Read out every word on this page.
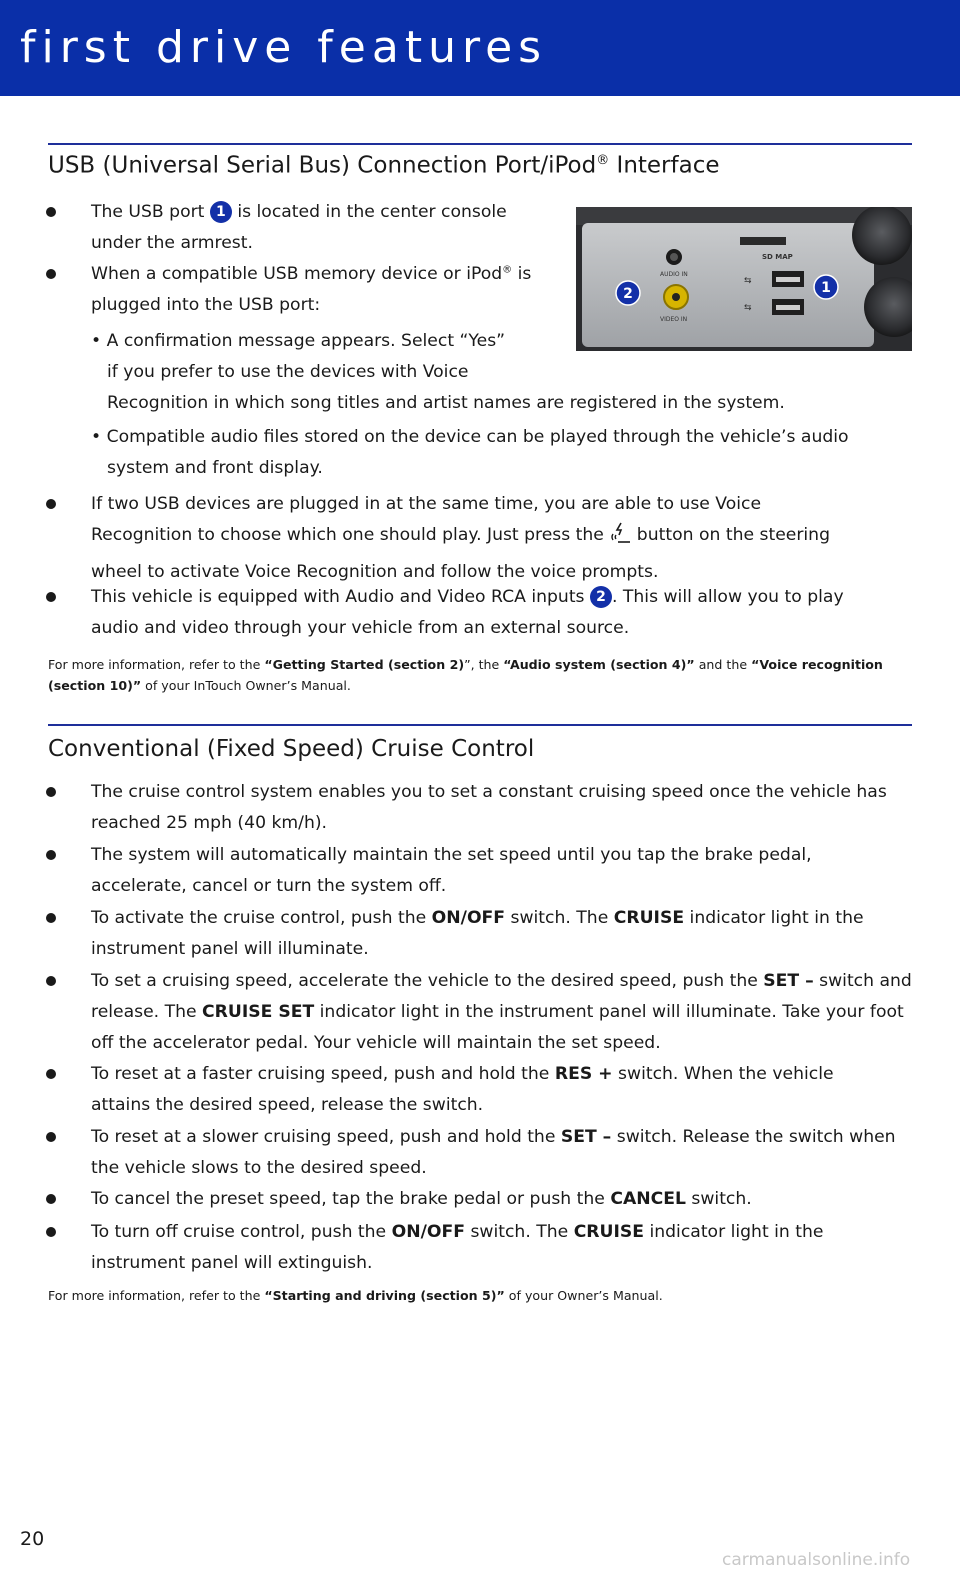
first drive features
USB (Universal Serial Bus) Connection Port/iPod® Interface

The USB port 1 is located in the center console
under the armrest.

When a compatible USB memory device or iPod® is
plugged into the USB port:

• A confirmation message appears. Select “Yes”
if you prefer to use the devices with Voice
Recognition in which song titles and artist names are registered in the system.

• Compatible audio files stored on the device can be played through the vehicle’s audio
system and front display.

If two USB devices are plugged in at the same time, you are able to use Voice
Recognition to choose which one should play. Just press the  button on the steering
wheel to activate Voice Recognition and follow the voice prompts.

This vehicle is equipped with Audio and Video RCA inputs 2 . This will allow you to play
audio and video through your vehicle from an external source.

For more information, refer to the “Getting Started (section 2)”, the “Audio system (section 4)” and the “Voice recognition (section 10)” of your InTouch Owner’s Manual.

AUDIO IN
VIDEO IN
SD MAP
⇆
⇆
2	1
Conventional (Fixed Speed) Cruise Control

The cruise control system enables you to set a constant cruising speed once the vehicle has
reached 25 mph (40 km/h).

The system will automatically maintain the set speed until you tap the brake pedal,
accelerate, cancel or turn the system off.

To activate the cruise control, push the ON/OFF switch. The CRUISE indicator light in the
instrument panel will illuminate.

To set a cruising speed, accelerate the vehicle to the desired speed, push the SET – switch and
release. The CRUISE SET indicator light in the instrument panel will illuminate. Take your foot
off the accelerator pedal. Your vehicle will maintain the set speed.

To reset at a faster cruising speed, push and hold the RES + switch. When the vehicle
attains the desired speed, release the switch.

To reset at a slower cruising speed, push and hold the SET – switch. Release the switch when
the vehicle slows to the desired speed.

To cancel the preset speed, tap the brake pedal or push the CANCEL switch.

To turn off cruise control, push the ON/OFF switch. The CRUISE indicator light in the
instrument panel will extinguish.

For more information, refer to the “Starting and driving (section 5)” of your Owner’s Manual.

20

carmanualsonline.info
